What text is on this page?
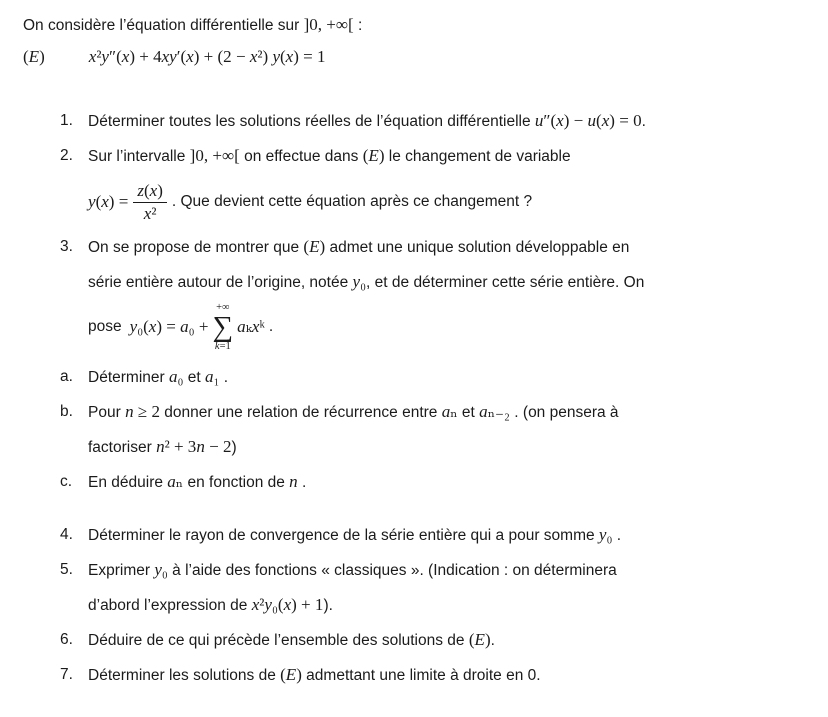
On considère l’équation différentielle sur ]0, +∞[ :
(E)	x²y″(x) + 4xy′(x) + (2 − x²) y(x) = 1
1. Déterminer toutes les solutions réelles de l’équation différentielle u″(x) − u(x) = 0.
2. Sur l’intervalle ]0, +∞[ on effectue dans (E) le changement de variable
$y(x) = \frac{z(x)}{\text{x²}}$ . Que devient cette équation après ce changement ?
3. On se propose de montrer que (E) admet une unique solution développable en
série entière autour de l’origine, notée y₀, et de déterminer cette série entière. On
pose y₀(x) = a₀ +
+∞
∑
k=1
aₖxᵏ .
a. Déterminer a₀ et a₁ .
b. Pour n ≥ 2 donner une relation de récurrence entre aₙ et aₙ₋₂ . (on pensera à
factoriser n² + 3n − 2)
c. En déduire aₙ en fonction de n .
4. Déterminer le rayon de convergence de la série entière qui a pour somme y₀ .
5. Exprimer y₀ à l’aide des fonctions « classiques ». (Indication : on déterminera
d’abord l’expression de x²y₀(x) + 1).
6. Déduire de ce qui précède l’ensemble des solutions de (E).
7. Déterminer les solutions de (E) admettant une limite à droite en 0.
